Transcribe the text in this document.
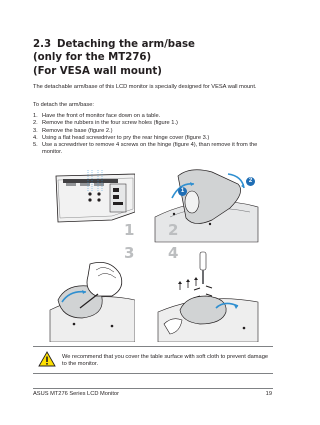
2.3 Detaching the arm/base
(only for the MT276)
(For VESA wall mount)
The detachable arm/base of this LCD monitor is specially designed for VESA wall mount.
To detach the arm/base:
1. Have the front of monitor face down on a table.
2. Remove the rubbers in the four screw holes (figure 1.)
3. Remove the base (figure 2.)
4. Using a flat head screwdriver to pry the rear hinge cover (figure 3.)
5. Use a screwdriver to remove 4 screws on the hinge (figure 4), than remove it from the monitor.
1
1
2
2
3 4
We recommend that you cover the table surface with soft cloth to prevent damage to the monitor.
ASUS MT276 Series LCD Monitor	19
